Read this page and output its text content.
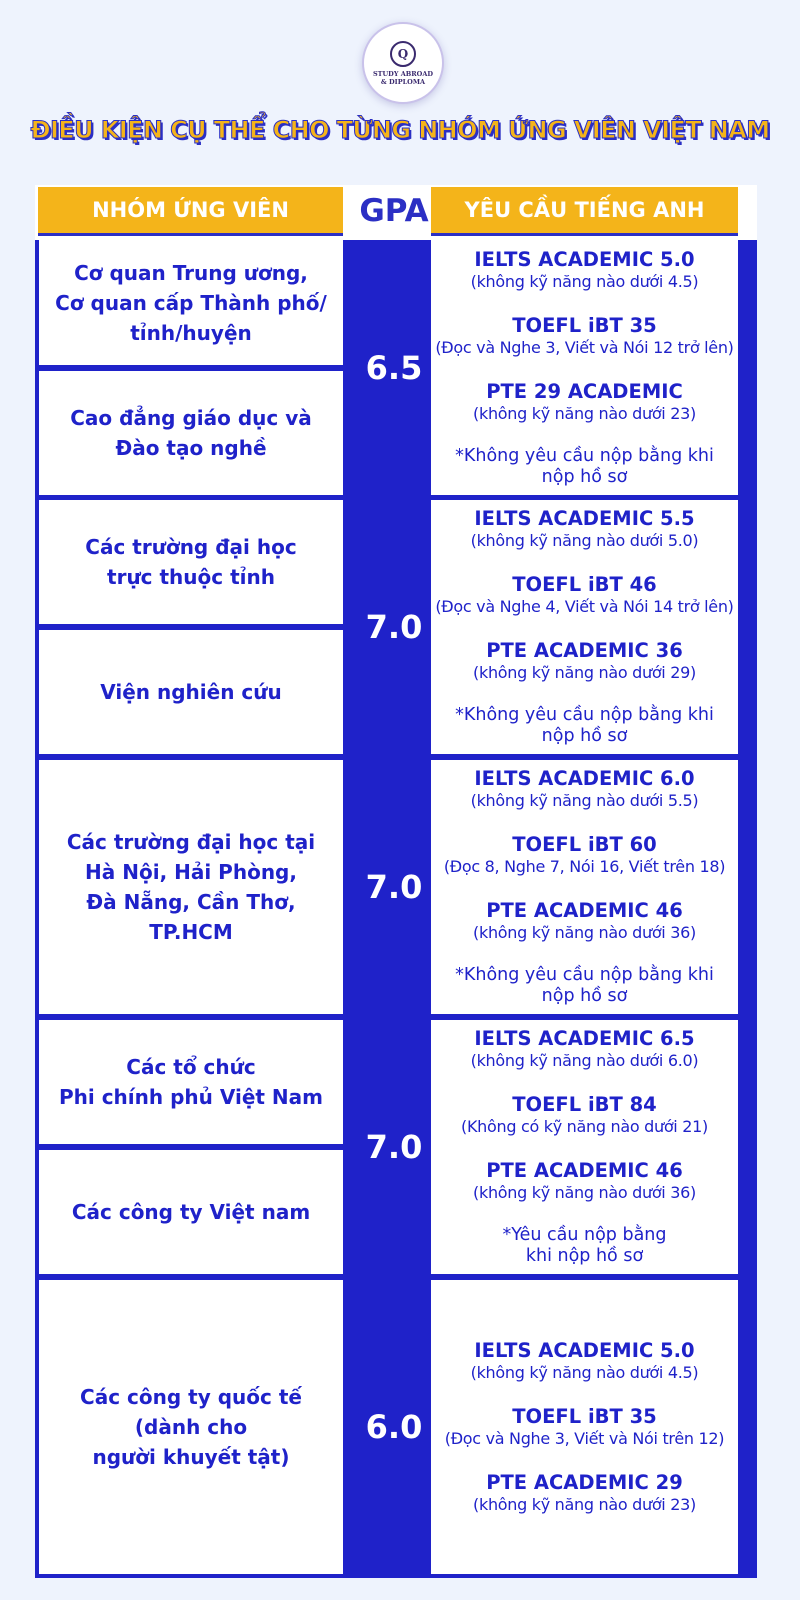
Q
STUDY ABROAD
& DIPLOMA
ĐIỀU KIỆN CỤ THỂ CHO TỪNG NHÓM ỨNG VIÊN VIỆT NAM
NHÓM ỨNG VIÊN	GPA	YÊU CẦU TIẾNG ANH
Cơ quan Trung ương,
Cơ quan cấp Thành phố/
tỉnh/huyện
Cao đẳng giáo dục và
Đào tạo nghề
6.5
IELTS ACADEMIC 5.0
(không kỹ năng nào dưới 4.5)
TOEFL iBT 35
(Đọc và Nghe 3, Viết và Nói 12 trở lên)
PTE 29 ACADEMIC
(không kỹ năng nào dưới 23)
*Không yêu cầu nộp bằng khi
nộp hồ sơ
Các trường đại học
trực thuộc tỉnh
Viện nghiên cứu
7.0
IELTS ACADEMIC 5.5
(không kỹ năng nào dưới 5.0)
TOEFL iBT 46
(Đọc và Nghe 4, Viết và Nói 14 trở lên)
PTE ACADEMIC 36
(không kỹ năng nào dưới 29)
*Không yêu cầu nộp bằng khi
nộp hồ sơ
Các trường đại học tại
Hà Nội, Hải Phòng,
Đà Nẵng, Cần Thơ,
TP.HCM
7.0
IELTS ACADEMIC 6.0
(không kỹ năng nào dưới 5.5)
TOEFL iBT 60
(Đọc 8, Nghe 7, Nói 16, Viết trên 18)
PTE ACADEMIC 46
(không kỹ năng nào dưới 36)
*Không yêu cầu nộp bằng khi
nộp hồ sơ
Các tổ chức
Phi chính phủ Việt Nam
Các công ty Việt nam
7.0
IELTS ACADEMIC 6.5
(không kỹ năng nào dưới 6.0)
TOEFL iBT 84
(Không có kỹ năng nào dưới 21)
PTE ACADEMIC 46
(không kỹ năng nào dưới 36)
*Yêu cầu nộp bằng
khi nộp hồ sơ
Các công ty quốc tế
(dành cho
người khuyết tật)
6.0
IELTS ACADEMIC 5.0
(không kỹ năng nào dưới 4.5)
TOEFL iBT 35
(Đọc và Nghe 3, Viết và Nói trên 12)
PTE ACADEMIC 29
(không kỹ năng nào dưới 23)
